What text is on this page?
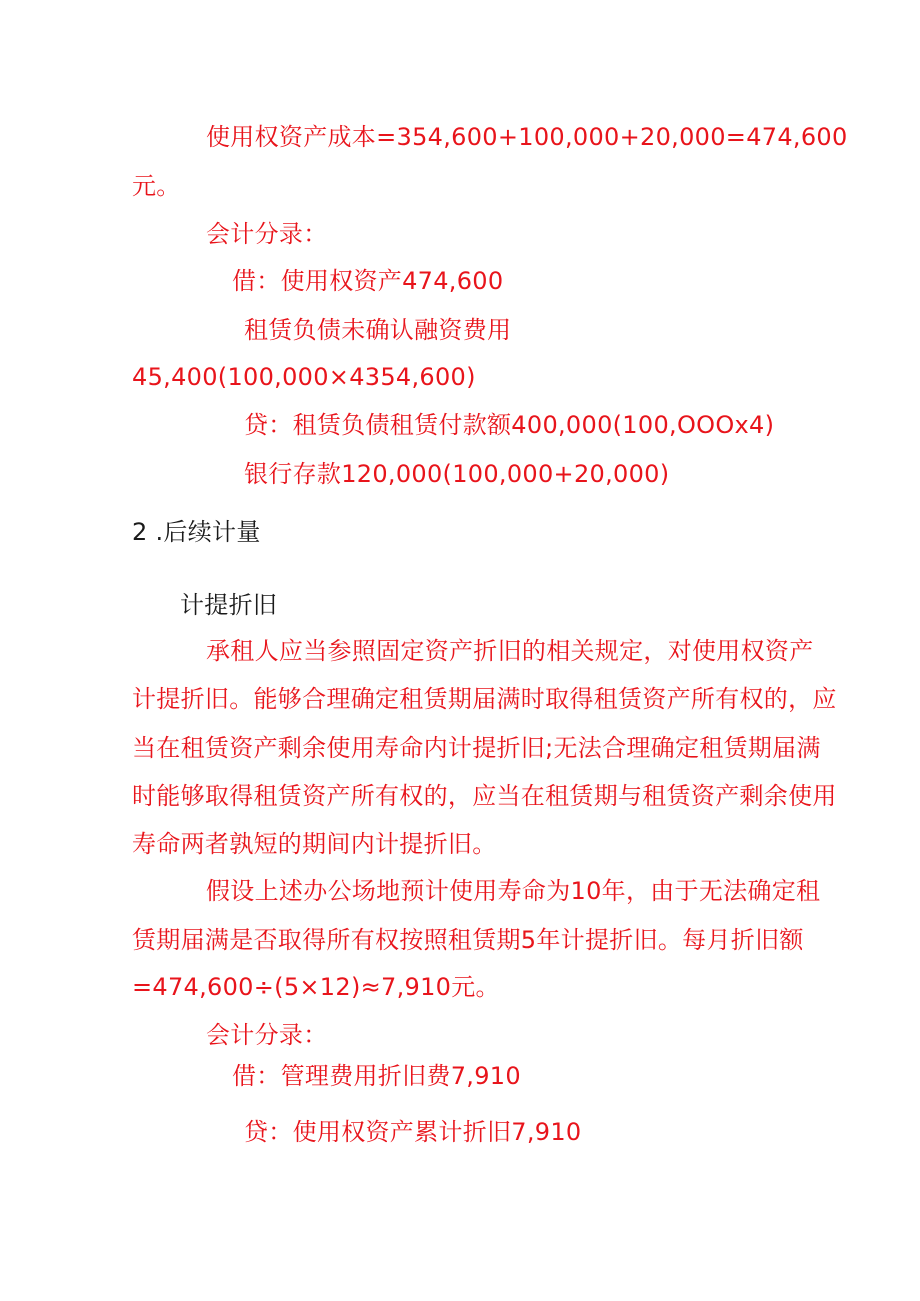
使用权资产成本=354,600+100,000+20,000=474,600
元。
会计分录：
借：使用权资产474,600
租赁负债未确认融资费用
45,400(100,000×4354,600)
贷：租赁负债租赁付款额400,000(100,OOOx4)
银行存款120,000(100,000+20,000)
2 .后续计量
计提折旧
承租人应当参照固定资产折旧的相关规定，对使用权资产
计提折旧。能够合理确定租赁期届满时取得租赁资产所有权的，应
当在租赁资产剩余使用寿命内计提折旧;无法合理确定租赁期届满
时能够取得租赁资产所有权的，应当在租赁期与租赁资产剩余使用
寿命两者孰短的期间内计提折旧。
假设上述办公场地预计使用寿命为10年，由于无法确定租
赁期届满是否取得所有权按照租赁期5年计提折旧。每月折旧额
=474,600÷(5×12)≈7,910元。
会计分录：
借：管理费用折旧费7,910
贷：使用权资产累计折旧7,910
